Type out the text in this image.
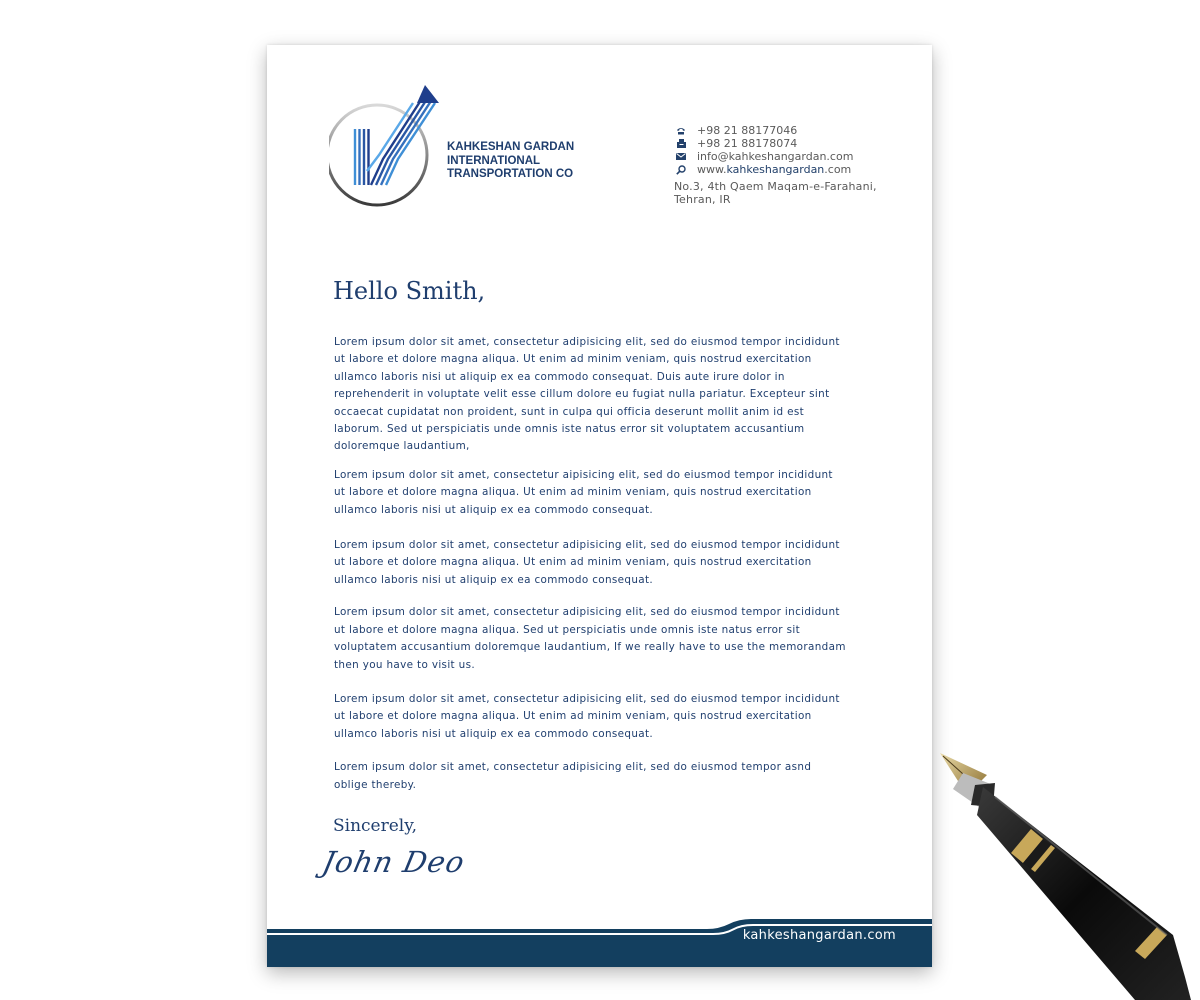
KAHKESHAN GARDAN
INTERNATIONAL
TRANSPORTATION CO
+98 21 88177046
+98 21 88178074
info@kahkeshangardan.com
www.kahkeshangardan.com
No.3, 4th Qaem Maqam-e-Farahani,
Tehran, IR
Hello Smith,

Lorem ipsum dolor sit amet, consectetur adipisicing elit, sed do eiusmod tempor incididunt
ut labore et dolore magna aliqua. Ut enim ad minim veniam, quis nostrud exercitation
ullamco laboris nisi ut aliquip ex ea commodo consequat. Duis aute irure dolor in
reprehenderit in voluptate velit esse cillum dolore eu fugiat nulla pariatur. Excepteur sint
occaecat cupidatat non proident, sunt in culpa qui officia deserunt mollit anim id est
laborum. Sed ut perspiciatis unde omnis iste natus error sit voluptatem accusantium
doloremque laudantium,

Lorem ipsum dolor sit amet, consectetur aipisicing elit, sed do eiusmod tempor incididunt
ut labore et dolore magna aliqua. Ut enim ad minim veniam, quis nostrud exercitation
ullamco laboris nisi ut aliquip ex ea commodo consequat.

Lorem ipsum dolor sit amet, consectetur adipisicing elit, sed do eiusmod tempor incididunt
ut labore et dolore magna aliqua. Ut enim ad minim veniam, quis nostrud exercitation
ullamco laboris nisi ut aliquip ex ea commodo consequat.

Lorem ipsum dolor sit amet, consectetur adipisicing elit, sed do eiusmod tempor incididunt
ut labore et dolore magna aliqua. Sed ut perspiciatis unde omnis iste natus error sit
voluptatem accusantium doloremque laudantium, If we really have to use the memorandam
then you have to visit us.

Lorem ipsum dolor sit amet, consectetur adipisicing elit, sed do eiusmod tempor incididunt
ut labore et dolore magna aliqua. Ut enim ad minim veniam, quis nostrud exercitation
ullamco laboris nisi ut aliquip ex ea commodo consequat.

Lorem ipsum dolor sit amet, consectetur adipisicing elit, sed do eiusmod tempor asnd
oblige thereby.

Sincerely,
John Deo
kahkeshangardan.com
